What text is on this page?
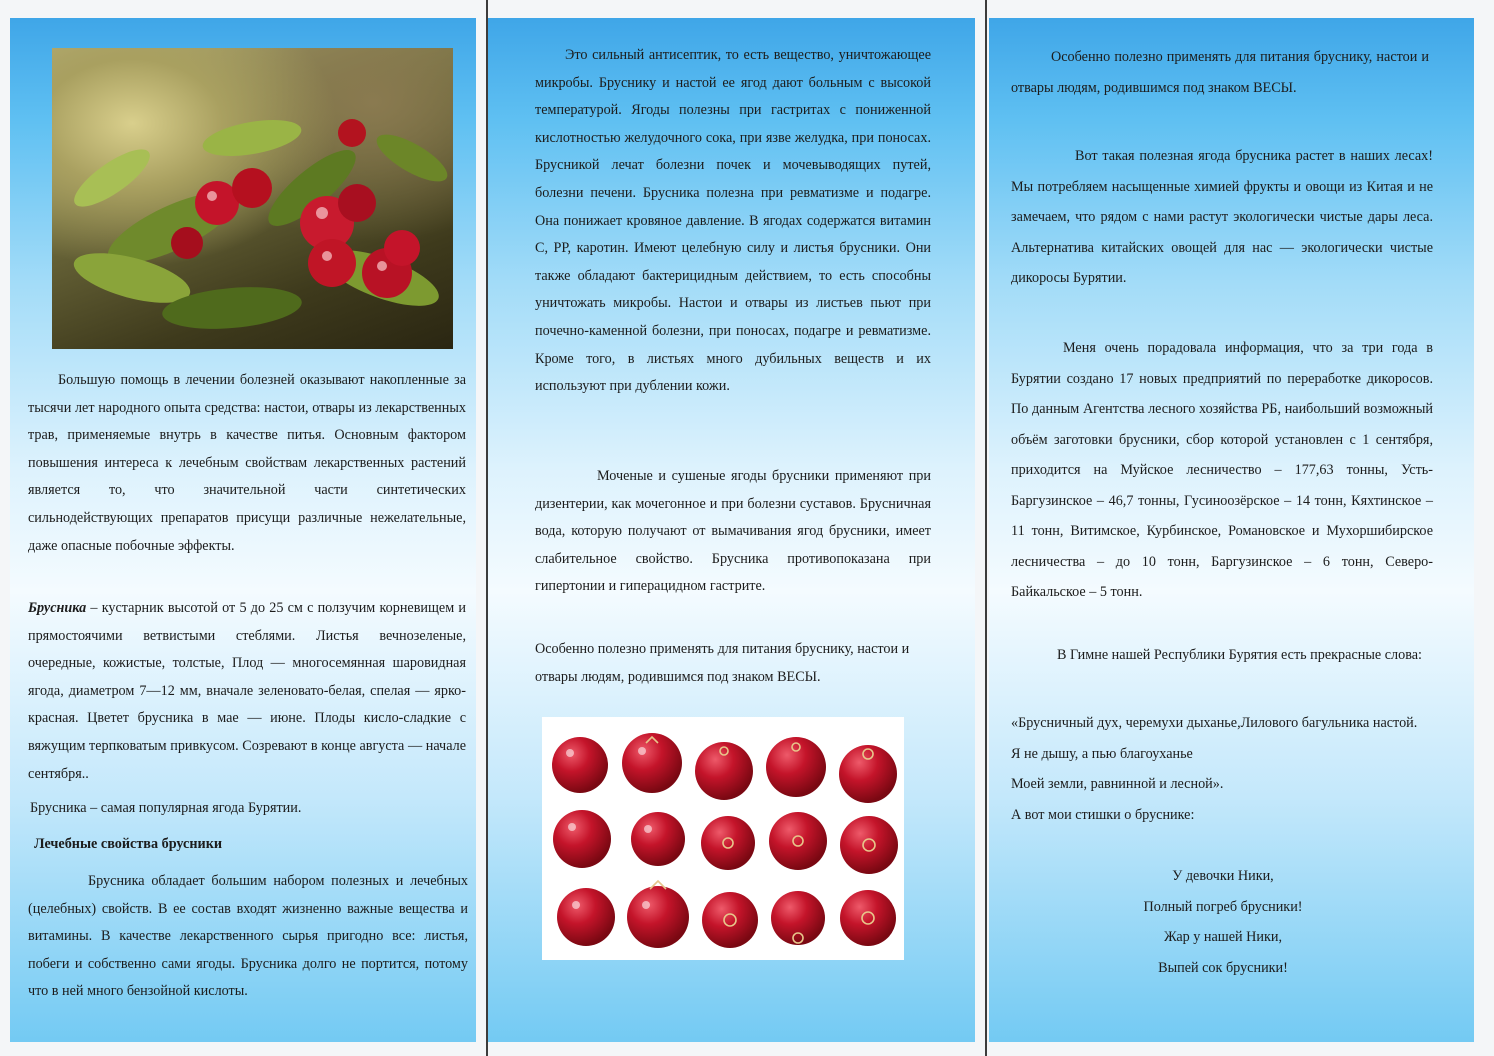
Большую помощь в лечении болезней оказывают накопленные за тысячи лет народного опыта средства: настои, отвары из лекарственных трав, применяемые внутрь в качестве питья. Основным фактором повышения интереса к лечебным свойствам лекарственных растений является то, что значительной части синтетических сильнодействующих препаратов присущи различные нежелательные, даже опасные побочные эффекты.

Брусника – кустарник высотой от 5 до 25 см с ползучим корневищем и прямостоячими ветвистыми стеблями. Листья вечнозеленые, очередные, кожистые, толстые, Плод — многосемянная шаровидная ягода, диаметром 7—12 мм, вначале зеленовато-белая, спелая — ярко-красная. Цветет брусника в мае — июне. Плоды кисло-сладкие с вяжущим терпковатым привкусом. Созревают в конце августа — начале сентября..

Брусника – самая популярная ягода Бурятии.

Лечебные свойства брусники

Брусника обладает большим набором полезных и лечебных (целебных) свойств. В ее состав входят жизненно важные вещества и витамины. В качестве лекарственного сырья пригодно все: листья, побеги и собственно сами ягоды. Брусника долго не портится, потому что в ней много бензойной кислоты.

Это сильный антисептик, то есть вещество, уничтожающее микробы. Бруснику и настой ее ягод дают больным с высокой температурой. Ягоды полезны при гастритах с пониженной кислотностью желудочного сока, при язве желудка, при поносах. Брусникой лечат болезни почек и мочевыводящих путей, болезни печени. Брусника полезна при ревматизме и подагре. Она понижает кровяное давление. В ягодах содержатся витамин С, РР, каротин. Имеют целебную силу и листья брусники. Они также обладают бактерицидным действием, то есть способны уничтожать микробы. Настои и отвары из листьев пьют при почечно-каменной болезни, при поносах, подагре и ревматизме. Кроме того, в листьях много дубильных веществ и их используют при дублении кожи.

Моченые и сушеные ягоды брусники применяют при дизентерии, как мочегонное и при болезни суставов. Брусничная вода, которую получают от вымачивания ягод брусники, имеет слабительное свойство. Брусника противопоказана при гипертонии и гиперацидном гастрите.

Особенно полезно применять для питания бруснику, настои и отвары людям, родившимся под знаком ВЕСЫ.

Особенно полезно применять для питания бруснику, настои и отвары людям, родившимся под знаком ВЕСЫ.

Вот такая полезная ягода брусника растет в наших лесах! Мы потребляем насыщенные химией фрукты и овощи из Китая и не замечаем, что рядом с нами растут экологически чистые дары леса. Альтернатива китайских овощей для нас — экологически чистые дикоросы Бурятии.

Меня очень порадовала информация, что за три года в Бурятии создано 17 новых предприятий по переработке дикоросов. По данным Агентства лесного хозяйства РБ, наибольший возможный объём заготовки брусники, сбор которой установлен с 1 сентября, приходится на Муйское лесничество – 177,63 тонны, Усть-Баргузинское – 46,7 тонны, Гусиноозёрское – 14 тонн, Кяхтинское – 11 тонн, Витимское, Курбинское, Романовское и Мухоршибирское лесничества – до 10 тонн, Баргузинское – 6 тонн, Северо-Байкальское – 5 тонн.

В Гимне нашей Республики Бурятия есть прекрасные слова:

«Брусничный дух, черемухи дыханье,Лилового багульника настой.

Я не дышу, а пью благоуханье

Моей земли, равнинной и лесной».

А вот мои стишки о бруснике:

У девочки Ники,

Полный погреб брусники!

Жар у нашей Ники,

Выпей сок брусники!
